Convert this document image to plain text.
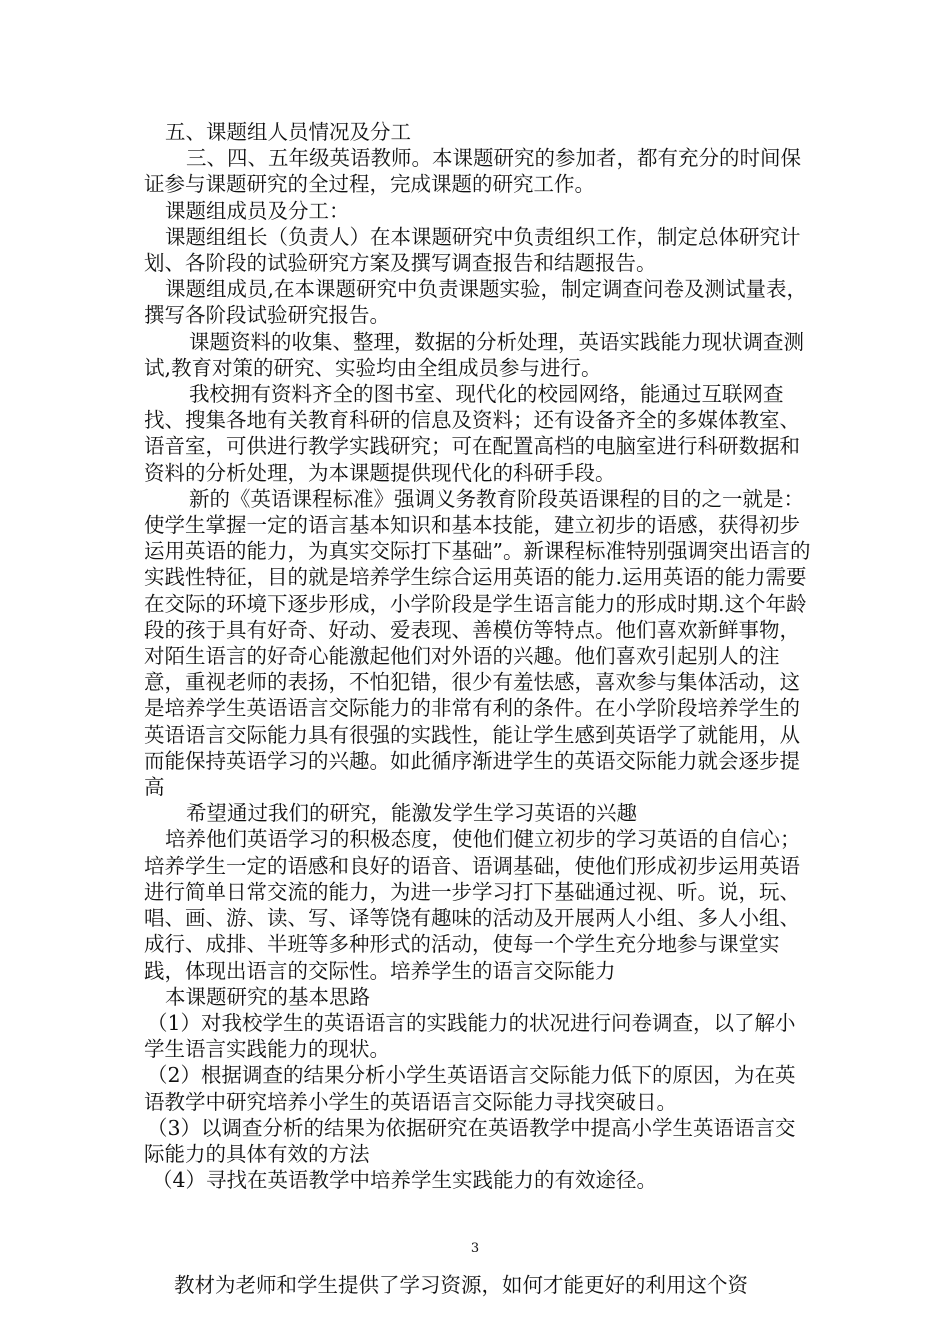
五、课题组人员情况及分工

三、四、五年级英语教师。本课题研究的参加者，都有充分的时间保证参与课题研究的全过程，完成课题的研究工作。

课题组成员及分工：

课题组组长（负责人）在本课题研究中负责组织工作，制定总体研究计划、各阶段的试验研究方案及撰写调查报告和结题报告。

课题组成员,在本课题研究中负责课题实验，制定调查问卷及测试量表，撰写各阶段试验研究报告。

课题资料的收集、整理，数据的分析处理，英语实践能力现状调查测试,教育对策的研究、实验均由全组成员参与进行。

我校拥有资料齐全的图书室、现代化的校园网络，能通过互联网查找、搜集各地有关教育科研的信息及资料；还有设备齐全的多媒体教室、语音室，可供进行教学实践研究；可在配置高档的电脑室进行科研数据和资料的分析处理，为本课题提供现代化的科研手段。

新的《英语课程标准》强调义务教育阶段英语课程的目的之一就是：使学生掌握一定的语言基本知识和基本技能，建立初步的语感，获得初步运用英语的能力，为真实交际打下基础”。新课程标准特别强调突出语言的实践性特征，目的就是培养学生综合运用英语的能力.运用英语的能力需要在交际的环境下逐步形成，小学阶段是学生语言能力的形成时期.这个年龄段的孩于具有好奇、好动、爱表现、善模仿等特点。他们喜欢新鲜事物，对陌生语言的好奇心能激起他们对外语的兴趣。他们喜欢引起别人的注意，重视老师的表扬，不怕犯错，很少有羞怯感，喜欢参与集体活动，这是培养学生英语语言交际能力的非常有利的条件。在小学阶段培养学生的英语语言交际能力具有很强的实践性，能让学生感到英语学了就能用，从而能保持英语学习的兴趣。如此循序渐进学生的英语交际能力就会逐步提高

希望通过我们的研究，能激发学生学习英语的兴趣

培养他们英语学习的积极态度，使他们健立初步的学习英语的自信心；培养学生一定的语感和良好的语音、语调基础，使他们形成初步运用英语进行简单日常交流的能力，为进一步学习打下基础通过视、听。说，玩、唱、画、游、读、写、译等饶有趣味的活动及开展两人小组、多人小组、成行、成排、半班等多种形式的活动，使每一个学生充分地参与课堂实践，体现出语言的交际性。培养学生的语言交际能力

本课题研究的基本思路

（1）对我校学生的英语语言的实践能力的状况进行问卷调查，以了解小学生语言实践能力的现状。

（2）根据调查的结果分析小学生英语语言交际能力低下的原因，为在英语教学中研究培养小学生的英语语言交际能力寻找突破日。

（3）以调查分析的结果为依据研究在英语教学中提高小学生英语语言交际能力的具体有效的方法

（4）寻找在英语教学中培养学生实践能力的有效途径。

教材为老师和学生提供了学习资源，如何才能更好的利用这个资

3
